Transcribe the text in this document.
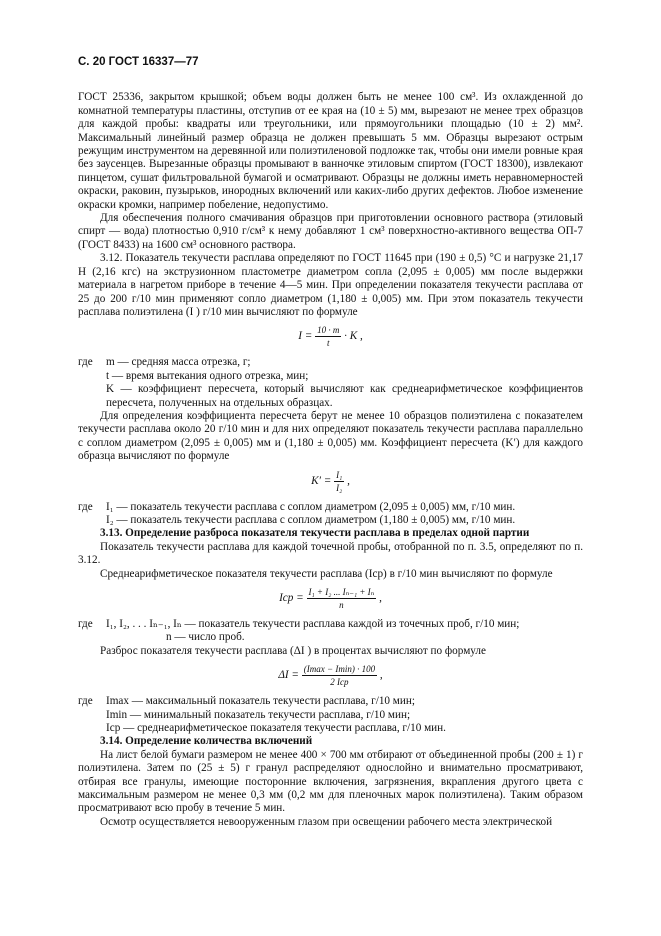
С. 20 ГОСТ 16337—77

ГОСТ 25336, закрытом крышкой; объем воды должен быть не менее 100 см³. Из охлажденной до комнатной температуры пластины, отступив от ее края на (10 ± 5) мм, вырезают не менее трех образцов для каждой пробы: квадраты или треугольники, или прямоугольники площадью (10 ± 2) мм². Максимальный линейный размер образца не должен превышать 5 мм. Образцы вырезают острым режущим инструментом на деревянной или полиэтиленовой подложке так, чтобы они имели ровные края без заусенцев. Вырезанные образцы промывают в ванночке этиловым спиртом (ГОСТ 18300), извлекают пинцетом, сушат фильтровальной бумагой и осматривают. Образцы не должны иметь неравномерностей окраски, раковин, пузырьков, инородных включений или каких-либо других дефектов. Любое изменение окраски кромки, например побеление, недопустимо.

Для обеспечения полного смачивания образцов при приготовлении основного раствора (этиловый спирт — вода) плотностью 0,910 г/см³ к нему добавляют 1 см³ поверхностно-активного вещества ОП-7 (ГОСТ 8433) на 1600 см³ основного раствора.

3.12. Показатель текучести расплава определяют по ГОСТ 11645 при (190 ± 0,5) °С и нагрузке 21,17 Н (2,16 кгс) на экструзионном пластометре диаметром сопла (2,095 ± 0,005) мм после выдержки материала в нагретом приборе в течение 4—5 мин. При определении показателя текучести расплава от 25 до 200 г/10 мин применяют сопло диаметром (1,180 ± 0,005) мм. При этом показатель текучести расплава полиэтилена (I ) г/10 мин вычисляют по формуле

$I = \frac{10 \cdot m}{t} \cdot K$ ,
где	m — средняя масса отрезка, г;
t — время вытекания одного отрезка, мин;
K — коэффициент пересчета, который вычисляют как среднеарифметическое коэффициентов пересчета, полученных на отдельных образцах.

Для определения коэффициента пересчета берут не менее 10 образцов полиэтилена с показателем текучести расплава около 20 г/10 мин и для них определяют показатель текучести расплава параллельно с соплом диаметром (2,095 ± 0,005) мм и (1,180 ± 0,005) мм. Коэффициент пересчета (K′) для каждого образца вычисляют по формуле

$K' = \frac{\text{I₁}}{\text{I₂}}$ ,
где	I₁ — показатель текучести расплава с соплом диаметром (2,095 ± 0,005) мм, г/10 мин.
I₂ — показатель текучести расплава с соплом диаметром (1,180 ± 0,005) мм, г/10 мин.

3.13. Определение разброса показателя текучести расплава в пределах одной партии

Показатель текучести расплава для каждой точечной пробы, отобранной по п. 3.5, определяют по п. 3.12.

Среднеарифметическое показателя текучести расплава (Iср) в г/10 мин вычисляют по формуле

Iср = $\frac{\text{I₁ + I₂ ... Iₙ₋₁ + Iₙ}}{n}$ ,
где	I₁, I₂, . . . Iₙ₋₁, Iₙ — показатель текучести расплава каждой из точечных проб, г/10 мин;
n — число проб.

Разброс показателя текучести расплава (ΔI ) в процентах вычисляют по формуле

$\Delta I = \frac{(Imax - Imin) \cdot 100}{\text{2 Iср}}$ ,
где	Imax — максимальный показатель текучести расплава, г/10 мин;
Imin — минимальный показатель текучести расплава, г/10 мин;
Iср — среднеарифметическое показателя текучести расплава, г/10 мин.

3.14. Определение количества включений

На лист белой бумаги размером не менее 400 × 700 мм отбирают от объединенной пробы (200 ± 1) г полиэтилена. Затем по (25 ± 5) г гранул распределяют однослойно и внимательно просматривают, отбирая все гранулы, имеющие посторонние включения, загрязнения, вкрапления другого цвета с максимальным размером не менее 0,3 мм (0,2 мм для пленочных марок полиэтилена). Таким образом просматривают всю пробу в течение 5 мин.

Осмотр осуществляется невооруженным глазом при освещении рабочего места электрической
